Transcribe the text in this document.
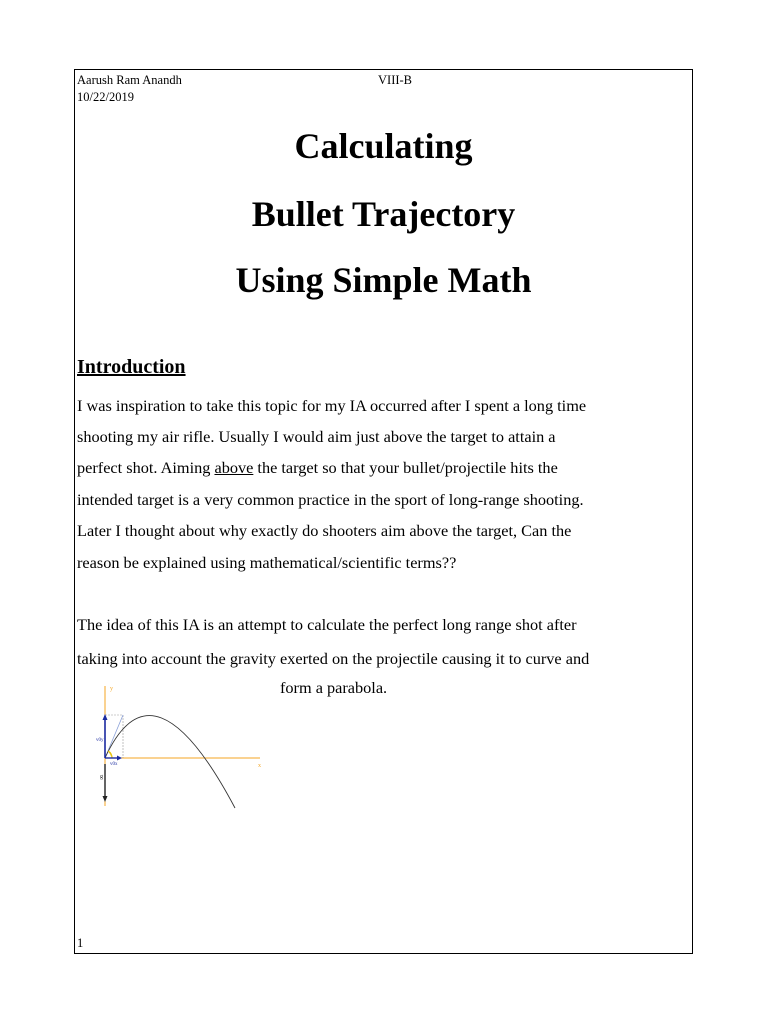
Aarush Ram Anandh	VIII-B
10/22/2019
Calculating
Bullet Trajectory
Using Simple Math
Introduction
I was inspiration to take this topic for my IA occurred after I spent a long time
shooting my air rifle. Usually I would aim just above the target to attain a
perfect shot. Aiming above the target so that your bullet/projectile hits the
intended target is a very common practice in the sport of long-range shooting.
Later I thought about why exactly do shooters aim above the target, Can the
reason be explained using mathematical/scientific terms??
The idea of this IA is an attempt to calculate the perfect long range shot after
taking into account the gravity exerted on the projectile causing it to curve and
form a parabola.
y
x
v0y
v0x
g
1
